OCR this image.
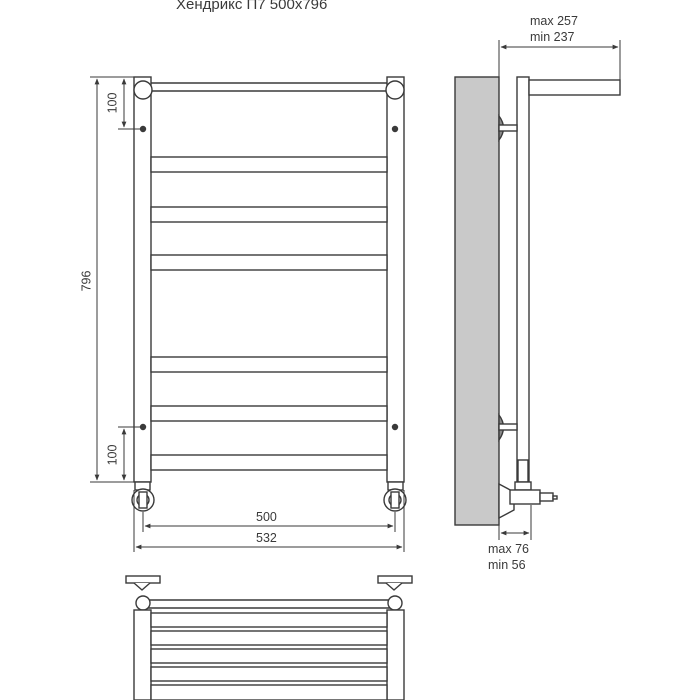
Хендрикс П7 500x796
100
100
796
500
532
max 257
min 237
max 76
min 56
